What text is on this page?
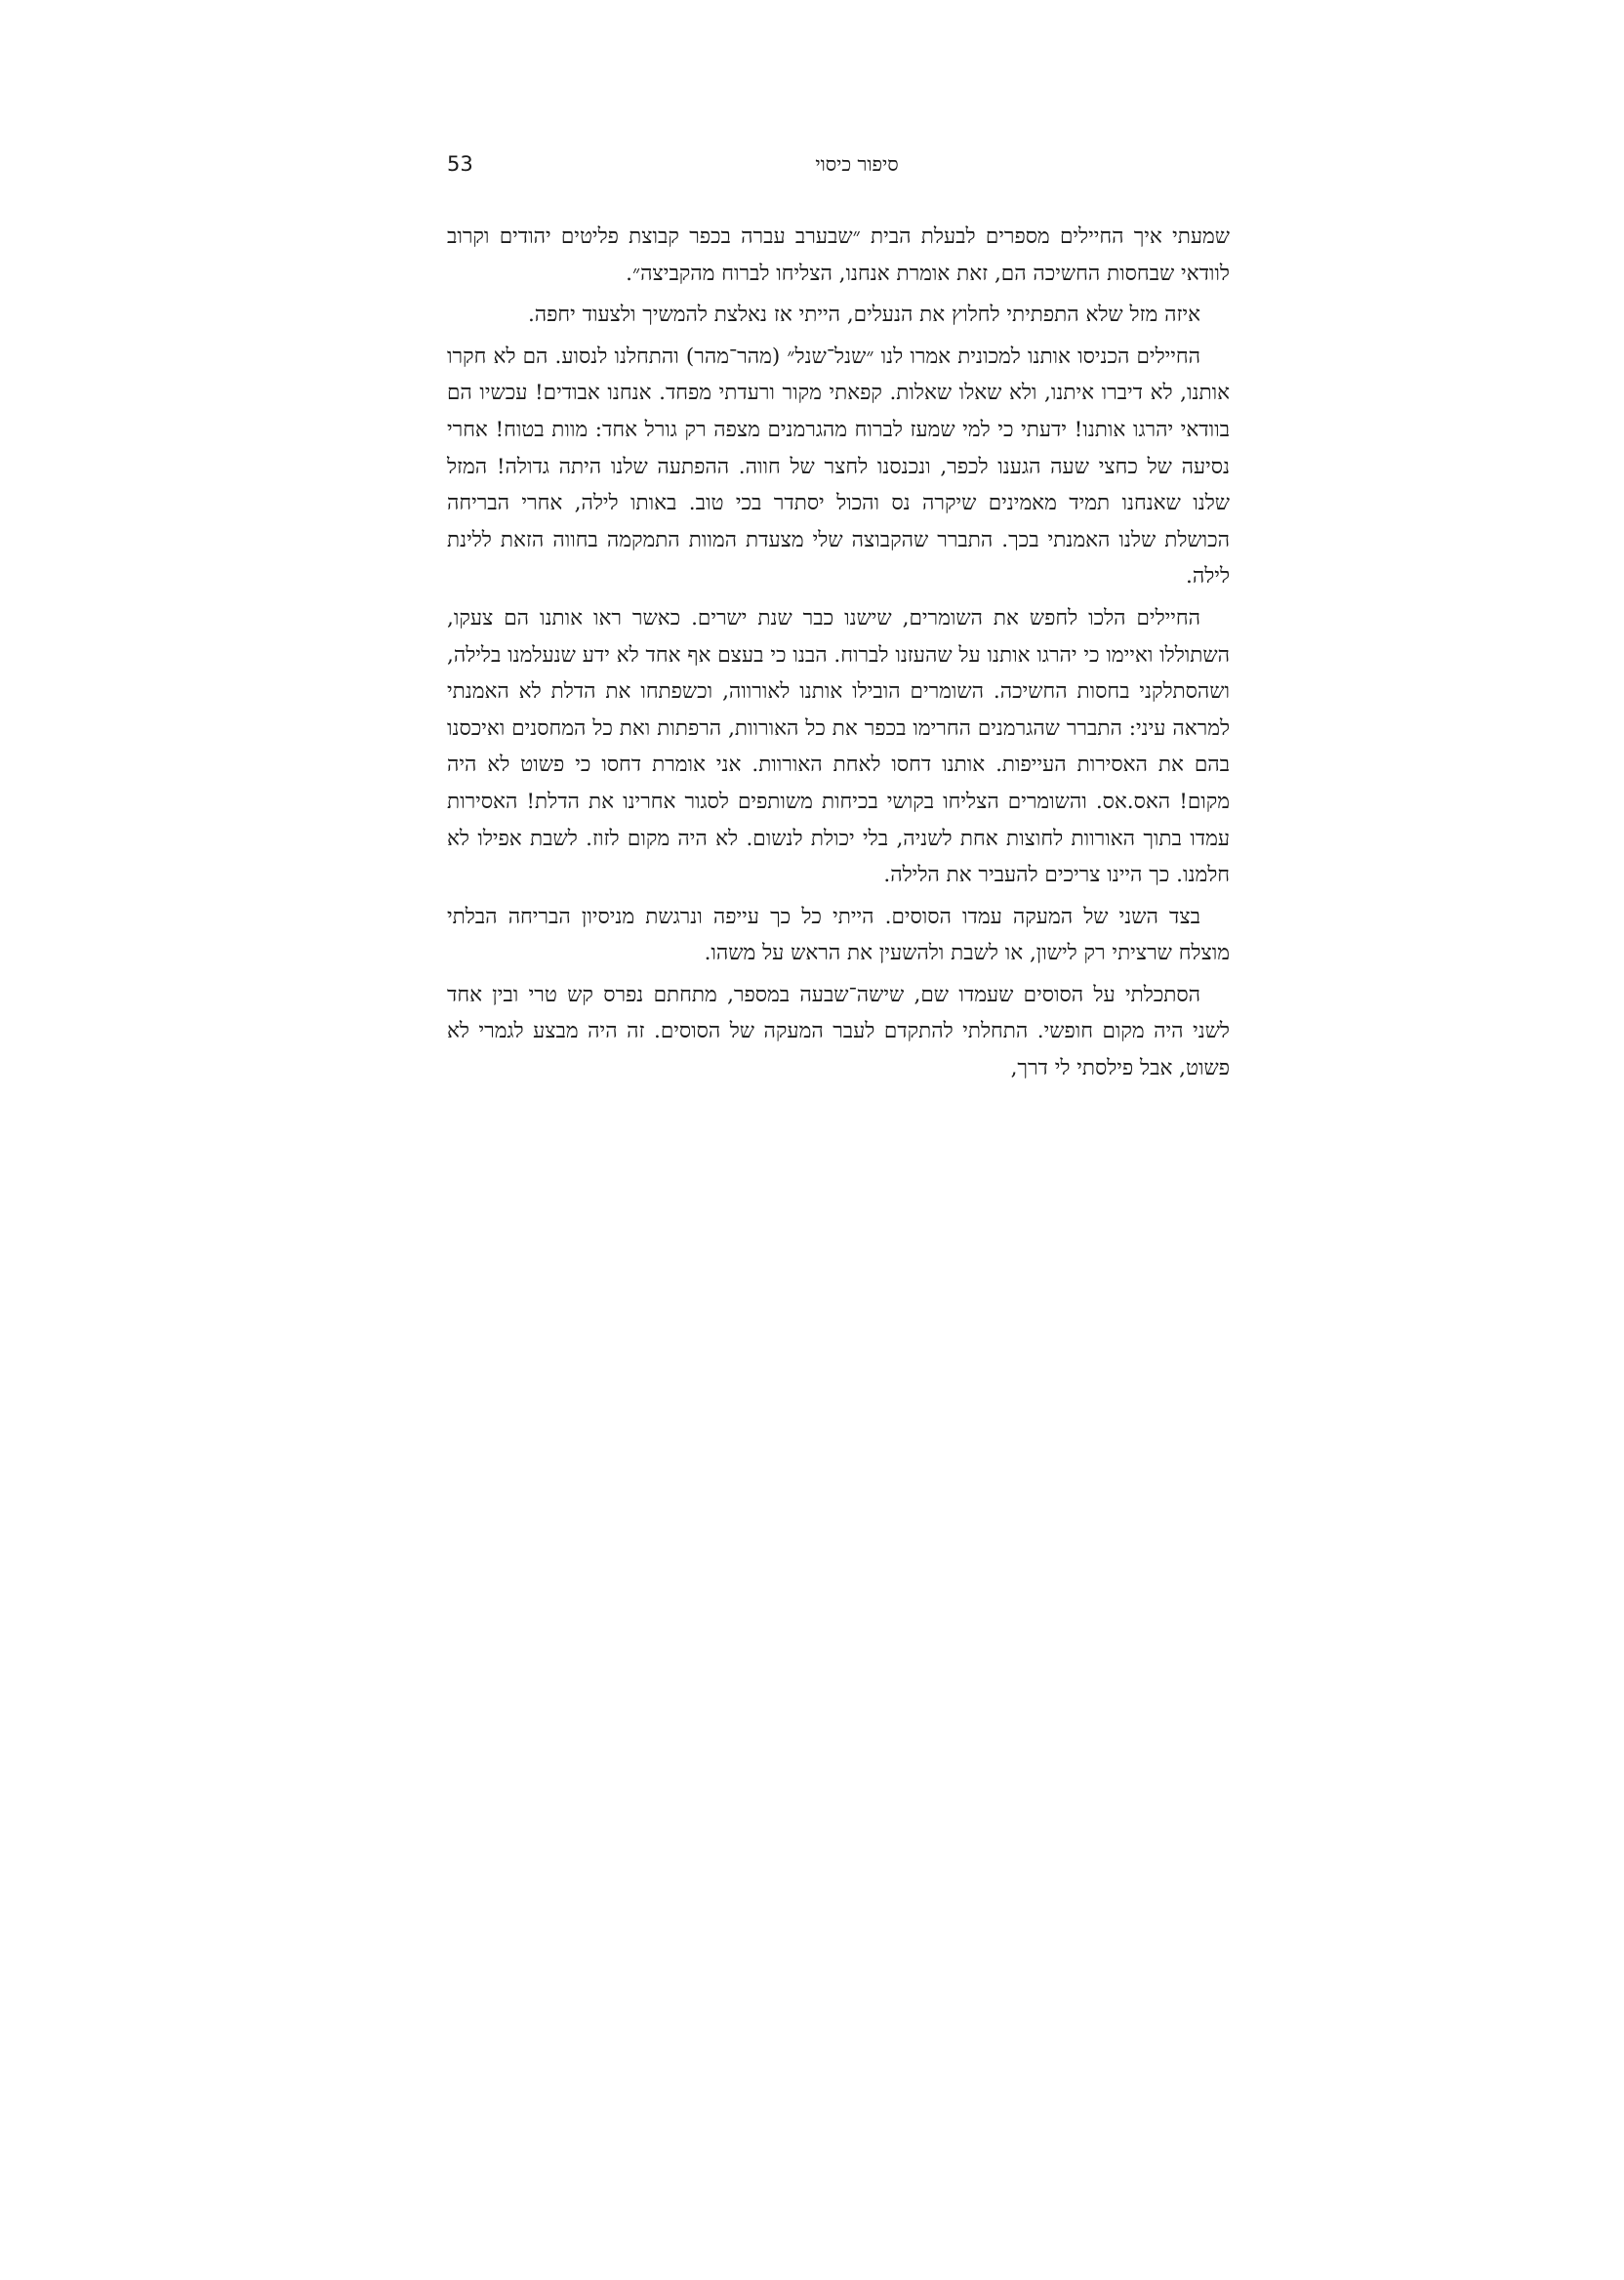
53	סיפור כיסוי

שמעתי איך החיילים מספרים לבעלת הבית ״שבערב עברה בכפר קבוצת פליטים יהודים וקרוב לוודאי שבחסות החשיכה הם, זאת אומרת אנחנו, הצליחו לברוח מהקביצה״.

איזה מזל שלא התפתיתי לחלוץ את הנעלים, הייתי אז נאלצת להמשיך ולצעוד יחפה.

החיילים הכניסו אותנו למכונית אמרו לנו ״שנל־שנל״ (מהר־מהר) והתחלנו לנסוע. הם לא חקרו אותנו, לא דיברו איתנו, ולא שאלו שאלות. קפאתי מקור ורעדתי מפחד. אנחנו אבודים! עכשיו הם בוודאי יהרגו אותנו! ידעתי כי למי שמעז לברוח מהגרמנים מצפה רק גורל אחד: מוות בטוח! אחרי נסיעה של כחצי שעה הגענו לכפר, ונכנסנו לחצר של חווה. ההפתעה שלנו היתה גדולה! המזל שלנו שאנחנו תמיד מאמינים שיקרה נס והכול יסתדר בכי טוב. באותו לילה, אחרי הבריחה הכושלת שלנו האמנתי בכך. התברר שהקבוצה שלי מצעדת המוות התמקמה בחווה הזאת ללינת לילה.

החיילים הלכו לחפש את השומרים, שישנו כבר שנת ישרים. כאשר ראו אותנו הם צעקו, השתוללו ואיימו כי יהרגו אותנו על שהעזנו לברוח. הבנו כי בעצם אף אחד לא ידע שנעלמנו בלילה, ושהסתלקני בחסות החשיכה. השומרים הובילו אותנו לאורווה, וכשפתחו את הדלת לא האמנתי למראה עיני: התברר שהגרמנים החרימו בכפר את כל האורוות, הרפתות ואת כל המחסנים ואיכסנו בהם את האסירות העייפות. אותנו דחסו לאחת האורוות. אני אומרת דחסו כי פשוט לא היה מקום! האס.אס. והשומרים הצליחו בקושי בכיחות משותפים לסגור אחרינו את הדלת! האסירות עמדו בתוך האורוות לחוצות אחת לשניה, בלי יכולת לנשום. לא היה מקום לזוז. לשבת אפילו לא חלמנו. כך היינו צריכים להעביר את הלילה.

בצד השני של המעקה עמדו הסוסים. הייתי כל כך עייפה ונרגשת מניסיון הבריחה הבלתי מוצלח שרציתי רק לישון, או לשבת ולהשעין את הראש על משהו.

הסתכלתי על הסוסים שעמדו שם, שישה־שבעה במספר, מתחתם נפרס קש טרי ובין אחד לשני היה מקום חופשי. התחלתי להתקדם לעבר המעקה של הסוסים. זה היה מבצע לגמרי לא פשוט, אבל פילסתי לי דרך,
